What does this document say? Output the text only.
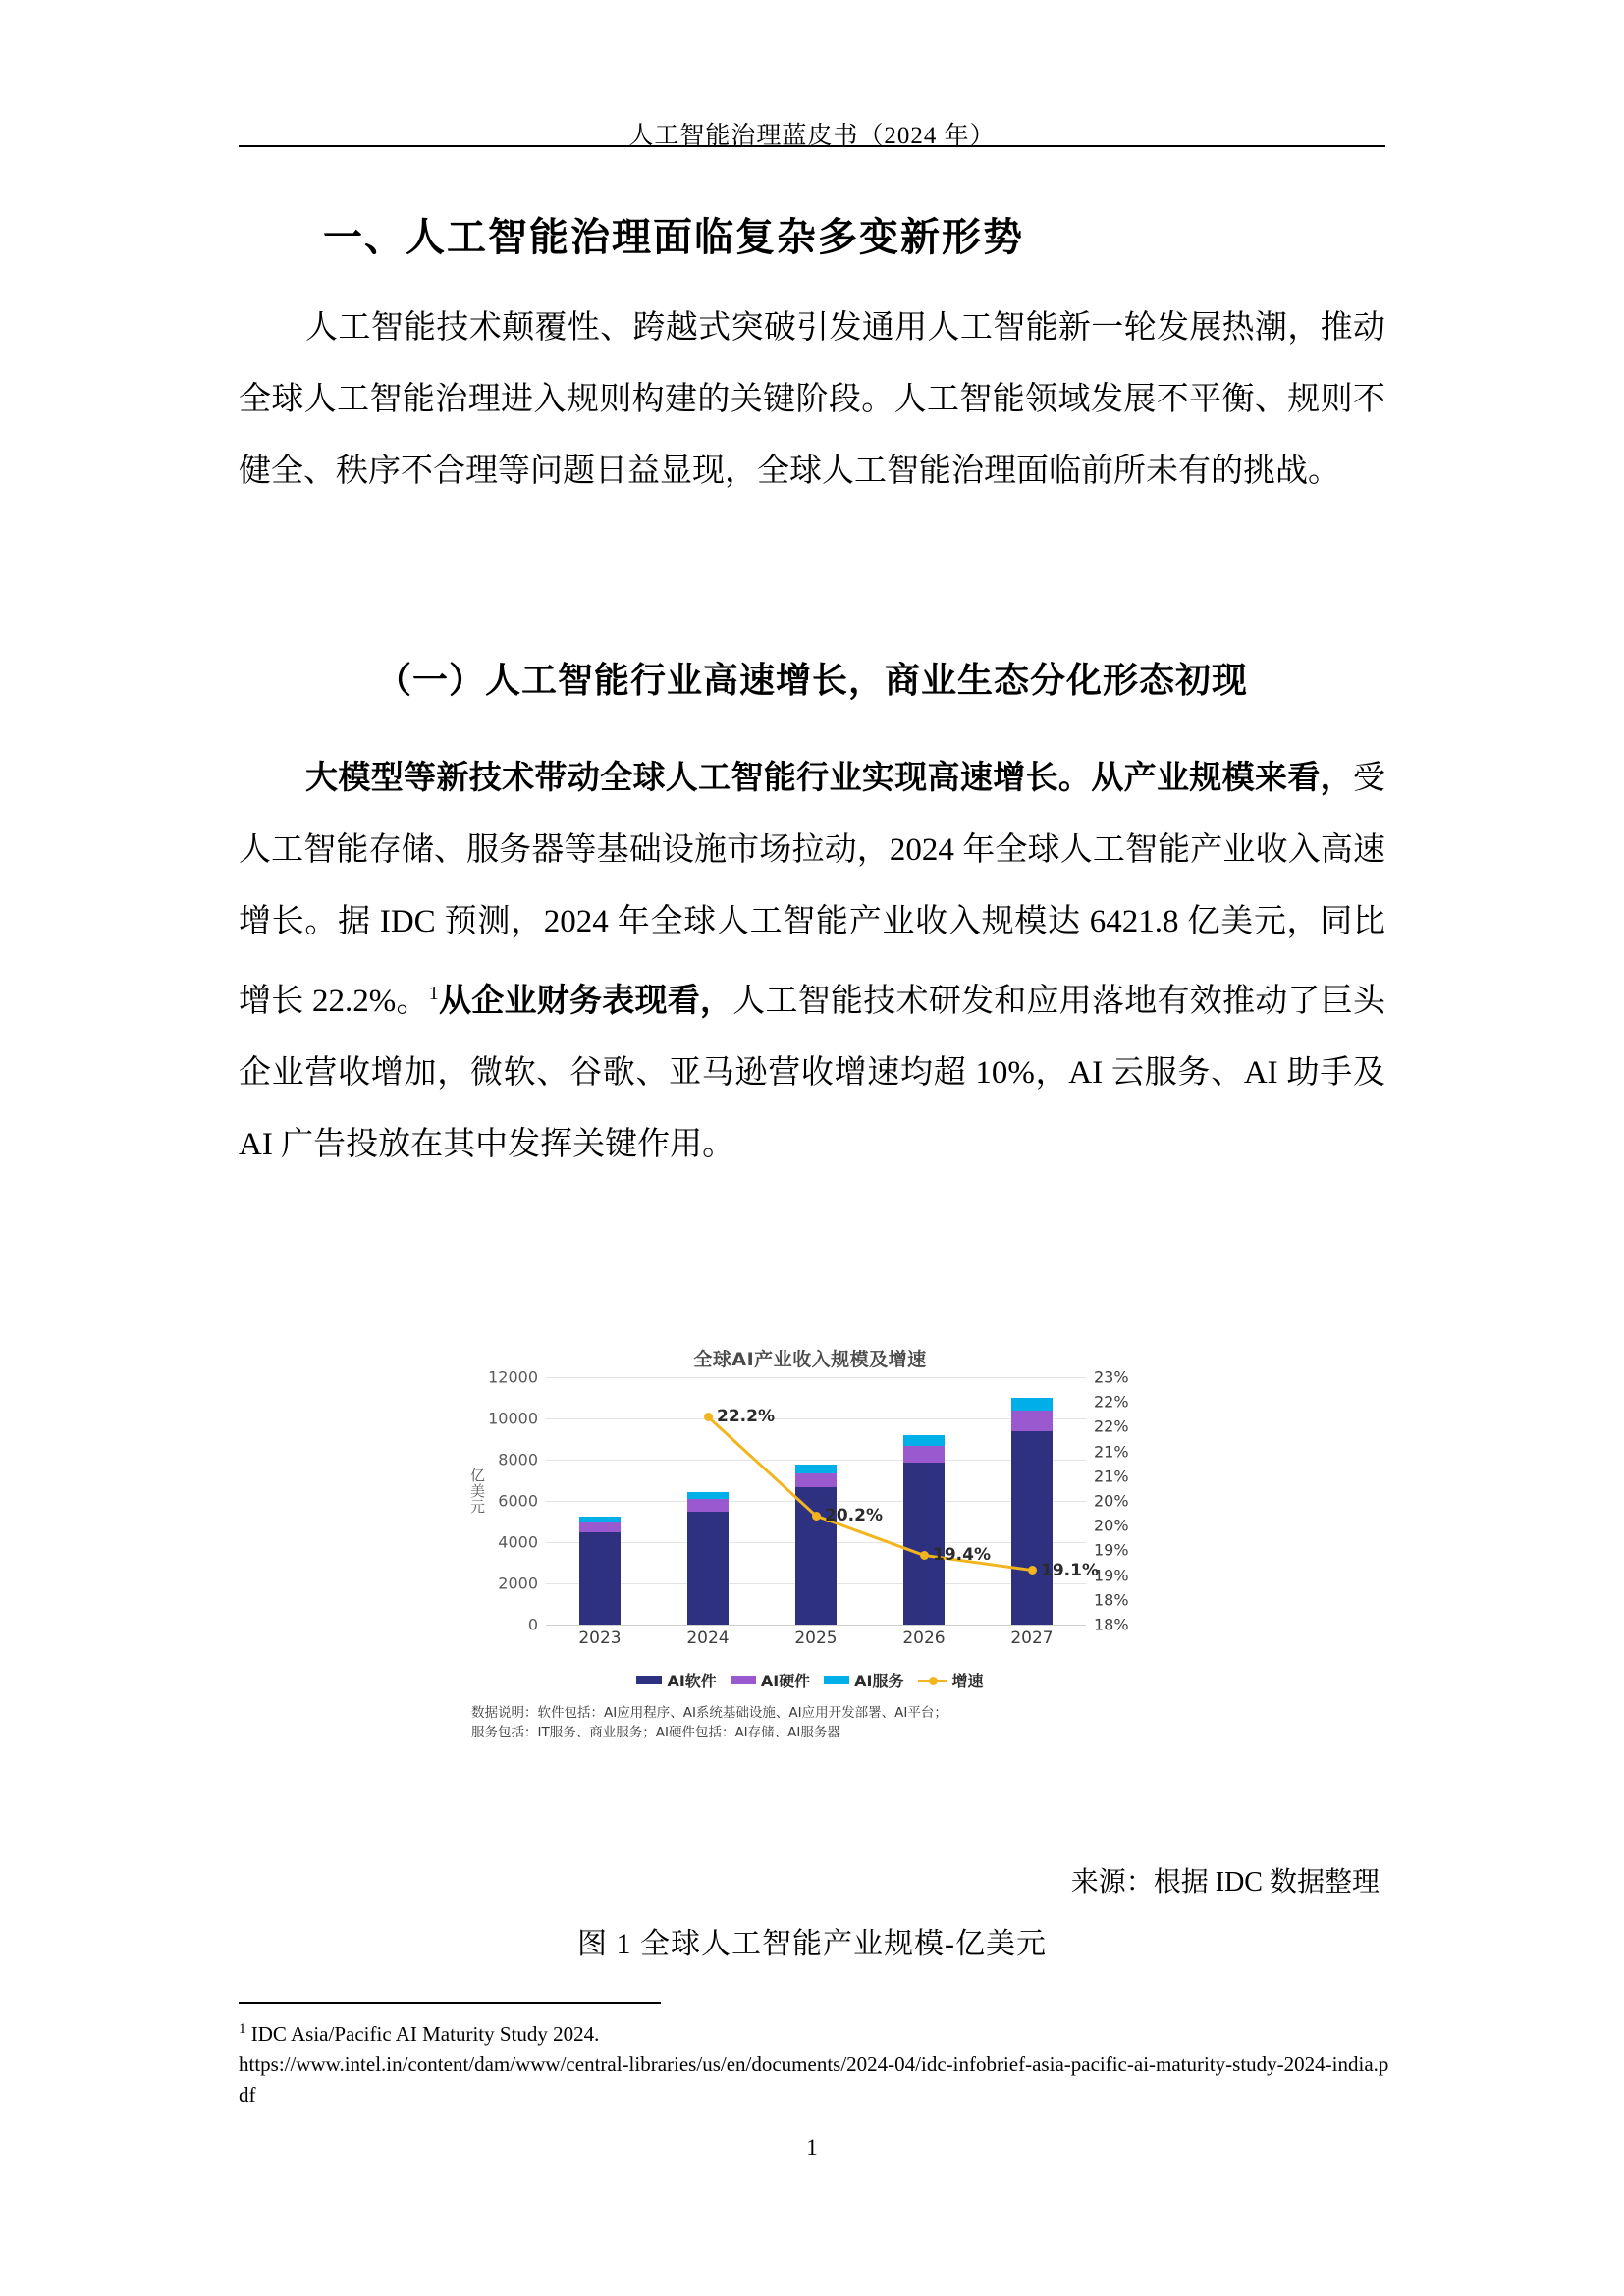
人工智能治理蓝皮书（2024 年）
一、人工智能治理面临复杂多变新形势

人工智能技术颠覆性、跨越式突破引发通用人工智能新一轮发展热潮，推动全球人工智能治理进入规则构建的关键阶段。人工智能领域发展不平衡、规则不健全、秩序不合理等问题日益显现，全球人工智能治理面临前所未有的挑战。

（一）人工智能行业高速增长，商业生态分化形态初现

大模型等新技术带动全球人工智能行业实现高速增长。从产业规模来看，受人工智能存储、服务器等基础设施市场拉动，2024 年全球人工智能产业收入高速增长。据 IDC 预测，2024 年全球人工智能产业收入规模达 6421.8 亿美元，同比增长 22.2%。$^1$从企业财务表现看，人工智能技术研发和应用落地有效推动了巨头企业营收增加，微软、谷歌、亚马逊营收增速均超 10%，AI 云服务、AI 助手及 AI 广告投放在其中发挥关键作用。

全球AI产业收入规模及增速
亿美元
0
2000
4000
6000
8000
10000
12000
18%
18%
19%
19%
20%
20%
21%
21%
22%
22%
23%
22.2%
20.2%
19.4%
19.1%
2023	2024	2025	2026	2027
AI软件	AI硬件	AI服务	增速
数据说明：软件包括：AI应用程序、AI系统基础设施、AI应用开发部署、AI平台；
服务包括：IT服务、商业服务；AI硬件包括：AI存储、AI服务器
来源：根据 IDC 数据整理
图 1 全球人工智能产业规模-亿美元
$^1$ IDC Asia/Pacific AI Maturity Study 2024.
https://www.intel.in/content/dam/www/central-libraries/us/en/documents/2024-04/idc-infobrief-asia-pacific-ai-maturity-study-2024-india.pdf
1
